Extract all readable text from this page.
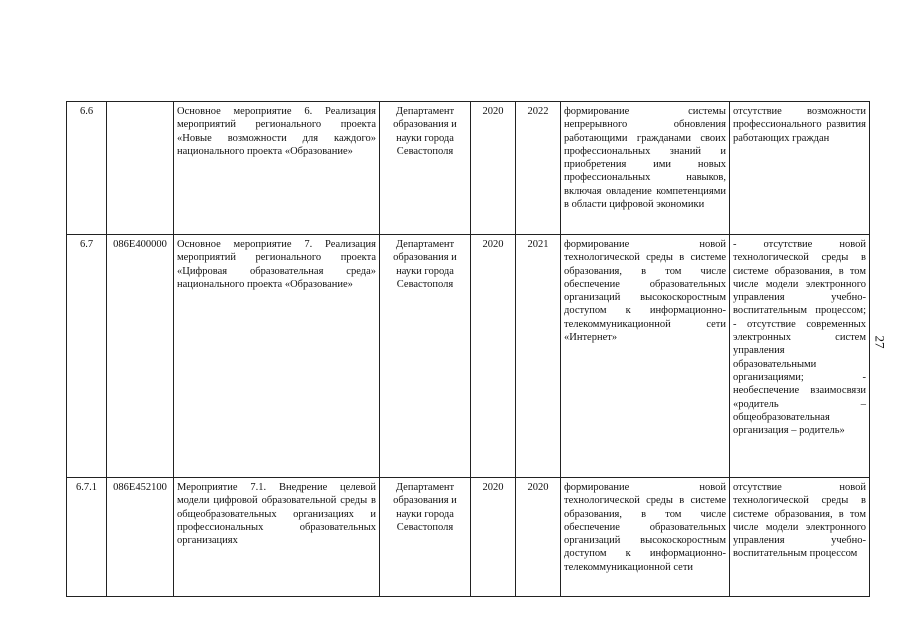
6.6		Основное мероприятие 6. Реализация мероприятий регионального проекта «Новые возможности для каждого» национального проекта «Образование»	Департамент образования и науки города Севастополя	2020	2022	формирование системы непрерывного обновления работающими гражданами своих профессиональных знаний и приобретения ими новых профессиональных навыков, включая овладение компетенциями в области цифровой экономики	отсутствие возможности профессионального развития работающих граждан
6.7	086E400000	Основное мероприятие 7. Реализация мероприятий регионального проекта «Цифровая образовательная среда» национального проекта «Образование»	Департамент образования и науки города Севастополя	2020	2021	формирование новой технологической среды в системе образования, в том числе обеспечение образовательных организаций высокоскоростным доступом к информационно-телекоммуникационной сети «Интернет»	- отсутствие новой технологической среды в системе образования, в том числе модели электронного управления учебно-воспитательным процессом; - отсутствие современных электронных систем управления образовательными организациями; - необеспечение взаимосвязи «родитель – общеобразовательная организация – родитель»
6.7.1	086E452100	Мероприятие 7.1. Внедрение целевой модели цифровой образовательной среды в общеобразовательных организациях и профессиональных образовательных организациях	Департамент образования и науки города Севастополя	2020	2020	формирование новой технологической среды в системе образования, в том числе обеспечение образовательных организаций высокоскоростным доступом к информационно-телекоммуникационной сети	отсутствие новой технологической среды в системе образования, в том числе модели электронного управления учебно-воспитательным процессом
27
